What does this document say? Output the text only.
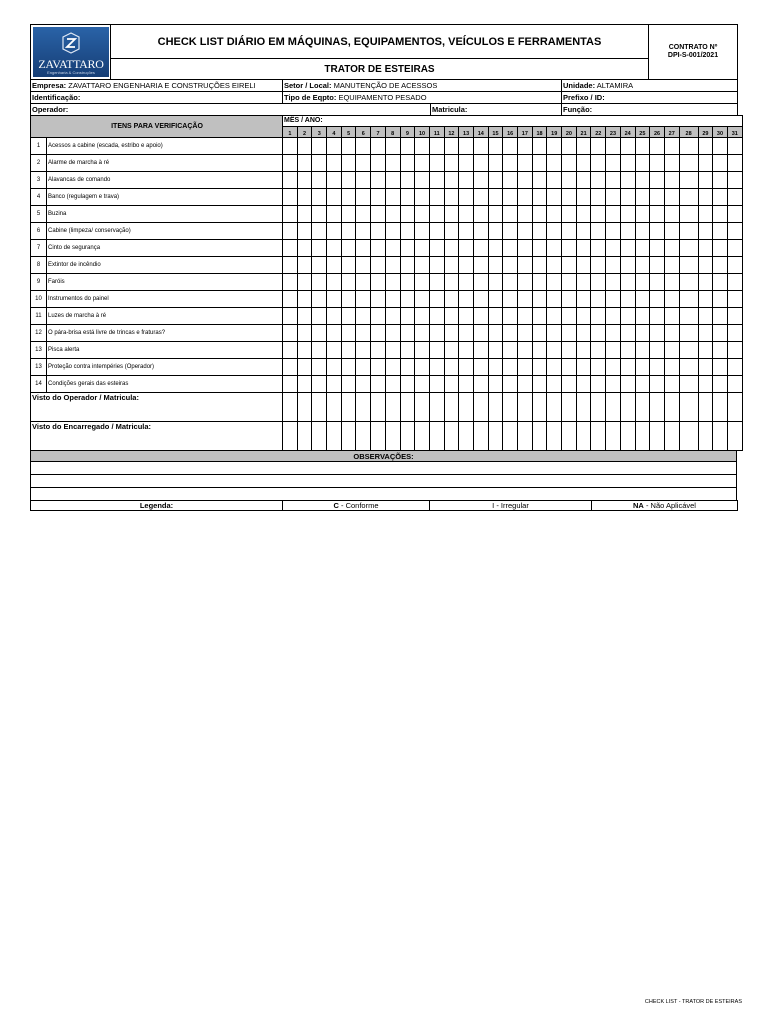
ZAVATTARO
Engenharia & Construções
	CHECK LIST DIÁRIO EM MÁQUINAS, EQUIPAMENTOS, VEÍCULOS E FERRAMENTAS	CONTRATO Nº
DPI-S-001/2021

TRATOR DE ESTEIRAS
Empresa: ZAVATTARO ENGENHARIA E CONSTRUÇÕES EIRELI	Setor / Local: MANUTENÇÃO DE ACESSOS		Unidade: ALTAMIRA
Identificação:	Tipo de Eqpto: EQUIPAMENTO PESADO		Prefixo / ID:
Operador:		Matricula:	Função:
ITENS PARA VERIFICAÇÃO		MÊS / ANO:																														
		1	2	3	4	5	6	7	8	9	10	11	12	13	14	15	16	17	18	19	20	21	22	23	24	25	26	27	28	29	30	31
1	Acessos a cabine (escada, estribo e apoio)																															
2	Alarme de marcha à ré																															
3	Alavancas de comando																															
4	Banco (regulagem e trava)																															
5	Buzina																															
6	Cabine (limpeza/ conservação)																															
7	Cinto de segurança																															
8	Extintor de incêndio																															
9	Faróis																															
10	Instrumentos do painel																															
11	Luzes de marcha à ré																															
12	O pára-brisa está livre de trincas e fraturas?																															
13	Pisca alerta																															
13	Proteção contra intempéries (Operador)																															
14	Condições gerais das esteiras																															
Visto do Operador / Matricula:																																
Visto do Encarregado / Matricula:																																
OBSERVAÇÕES:

Legenda:	C - Conforme	I - Irregular	NA - Não Aplicável
CHECK LIST - TRATOR DE ESTEIRAS
